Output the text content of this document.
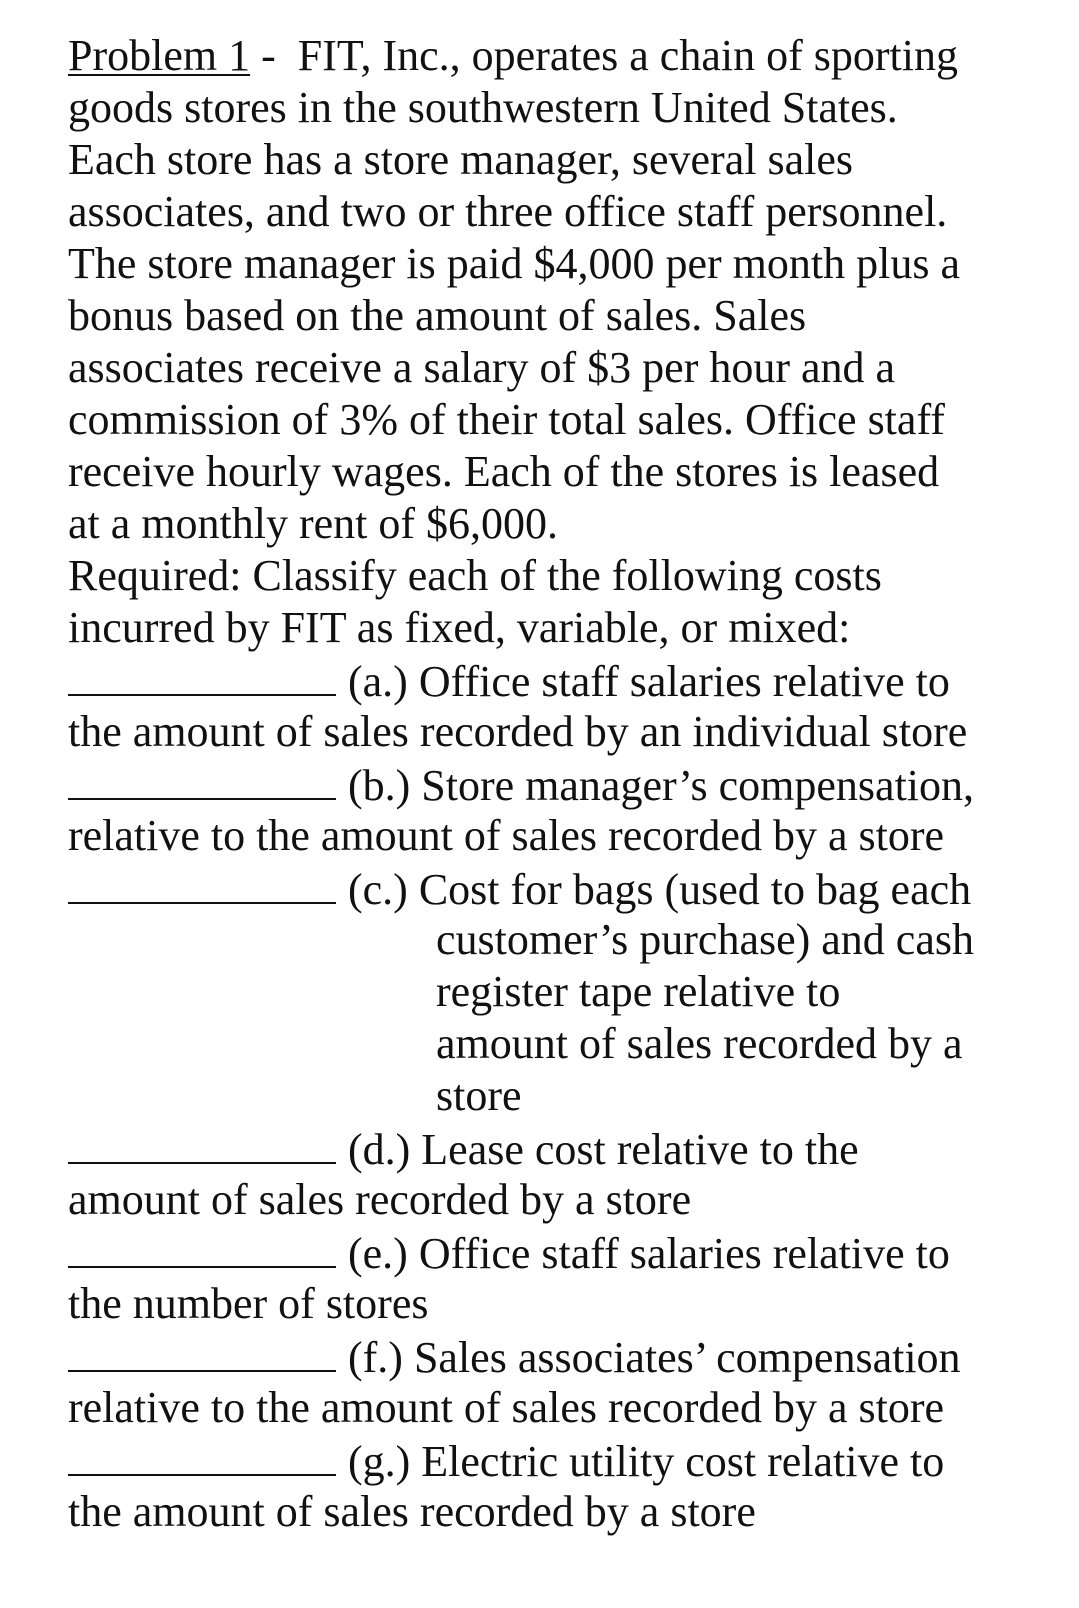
Problem 1 -  FIT, Inc., operates a chain of sporting
goods stores in the southwestern United States.
Each store has a store manager, several sales
associates, and two or three office staff personnel.
The store manager is paid $4,000 per month plus a
bonus based on the amount of sales. Sales
associates receive a salary of $3 per hour and a
commission of 3% of their total sales. Office staff
receive hourly wages. Each of the stores is leased
at a monthly rent of $6,000.
Required: Classify each of the following costs
incurred by FIT as fixed, variable, or mixed:
(a.) Office staff salaries relative to
the amount of sales recorded by an individual store
(b.) Store manager’s compensation,
relative to the amount of sales recorded by a store
(c.) Cost for bags (used to bag each
customer’s purchase) and cash
register tape relative to
amount of sales recorded by a
store
(d.) Lease cost relative to the
amount of sales recorded by a store
(e.) Office staff salaries relative to
the number of stores
(f.) Sales associates’ compensation
relative to the amount of sales recorded by a store
(g.) Electric utility cost relative to
the amount of sales recorded by a store
